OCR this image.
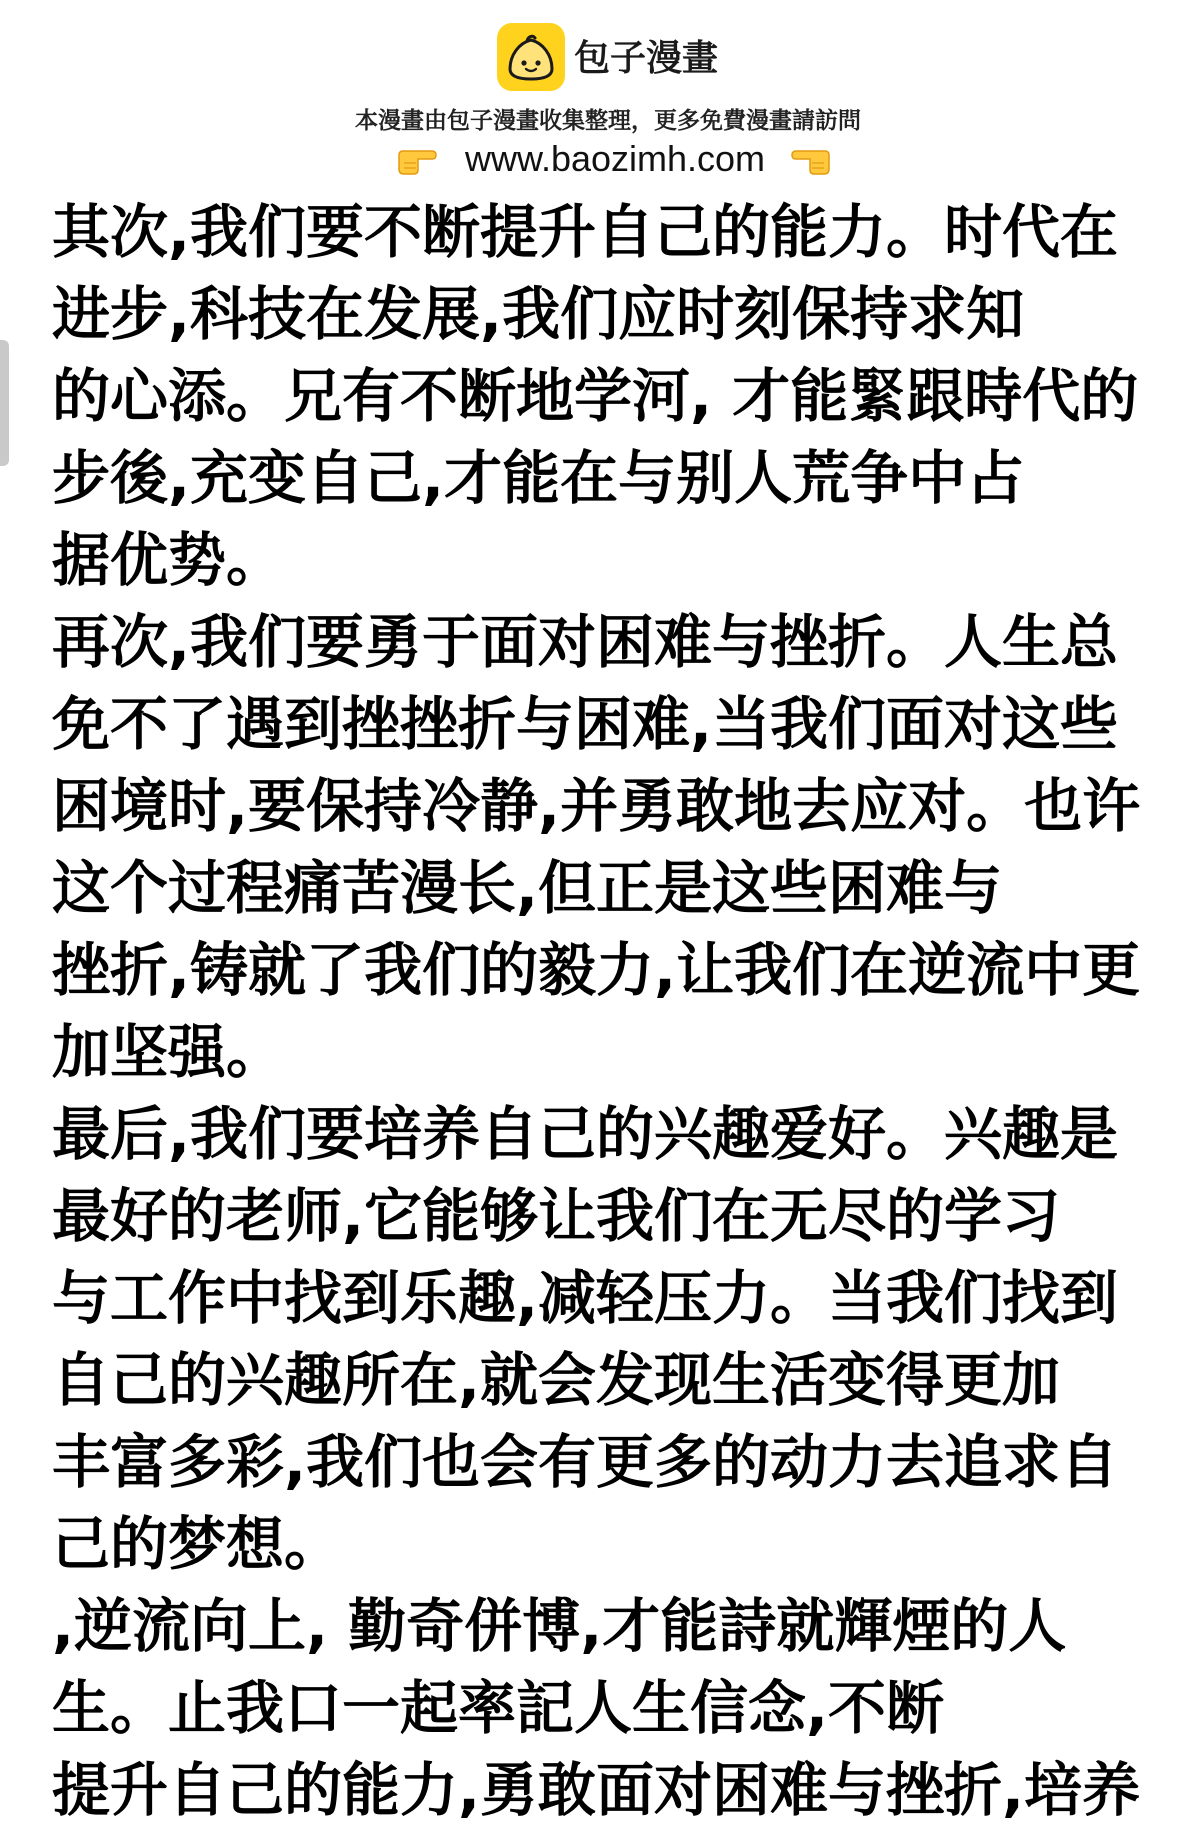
包子漫畫
本漫畫由包子漫畫收集整理，更多免費漫畫請訪問
www.baozimh.com
其次,我们要不断提升自己的能力。时代在
进步,科技在发展,我们应时刻保持求知
的心添。兄有不断地学河, 才能緊跟時代的
步後,充变自己,才能在与别人荒争中占
据优势。
再次,我们要勇于面对困难与挫折。人生总
免不了遇到挫挫折与困难,当我们面对这些
困境时,要保持冷静,并勇敢地去应对。也许
这个过程痛苦漫长,但正是这些困难与
挫折,铸就了我们的毅力,让我们在逆流中更
加坚强。
最后,我们要培养自己的兴趣爱好。兴趣是
最好的老师,它能够让我们在无尽的学习
与工作中找到乐趣,减轻压力。当我们找到
自己的兴趣所在,就会发现生活变得更加
丰富多彩,我们也会有更多的动力去追求自
己的梦想。
,逆流向上, 勤奇併博,才能詩就輝煙的人
生。止我口一起率記人生信念,不断
提升自己的能力,勇敢面对困难与挫折,培养
